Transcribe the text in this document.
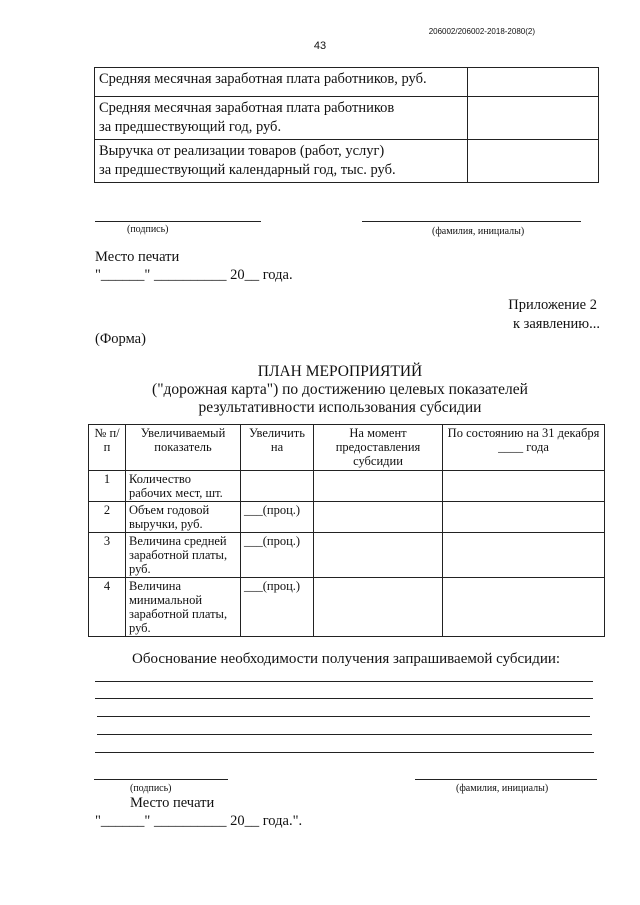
206002/206002-2018-2080(2)
43
Средняя месячная заработная плата работников, руб.	
Средняя месячная заработная плата работников
за предшествующий год, руб.	
Выручка от реализации товаров (работ, услуг)
за предшествующий календарный год, тыс. руб.	
(подпись)	(фамилия, инициалы)
Место печати
"______" __________ 20__ года.
Приложение 2
к заявлению...
(Форма)
ПЛАН МЕРОПРИЯТИЙ
("дорожная карта") по достижению целевых показателей
результативности использования субсидии
№ п/п	Увеличиваемый показатель	Увеличить на	На момент предоставления субсидии	По состоянию на 31 декабря ____ года
1	Количество рабочих мест, шт.			
2	Объем годовой выручки, руб.	___(проц.)		
3	Величина средней заработной платы, руб.	___(проц.)		
4	Величина минимальной заработной платы, руб.	___(проц.)		
Обоснование необходимости получения запрашиваемой субсидии:
(подпись)	(фамилия, инициалы)
Место печати
"______" __________ 20__ года.".
